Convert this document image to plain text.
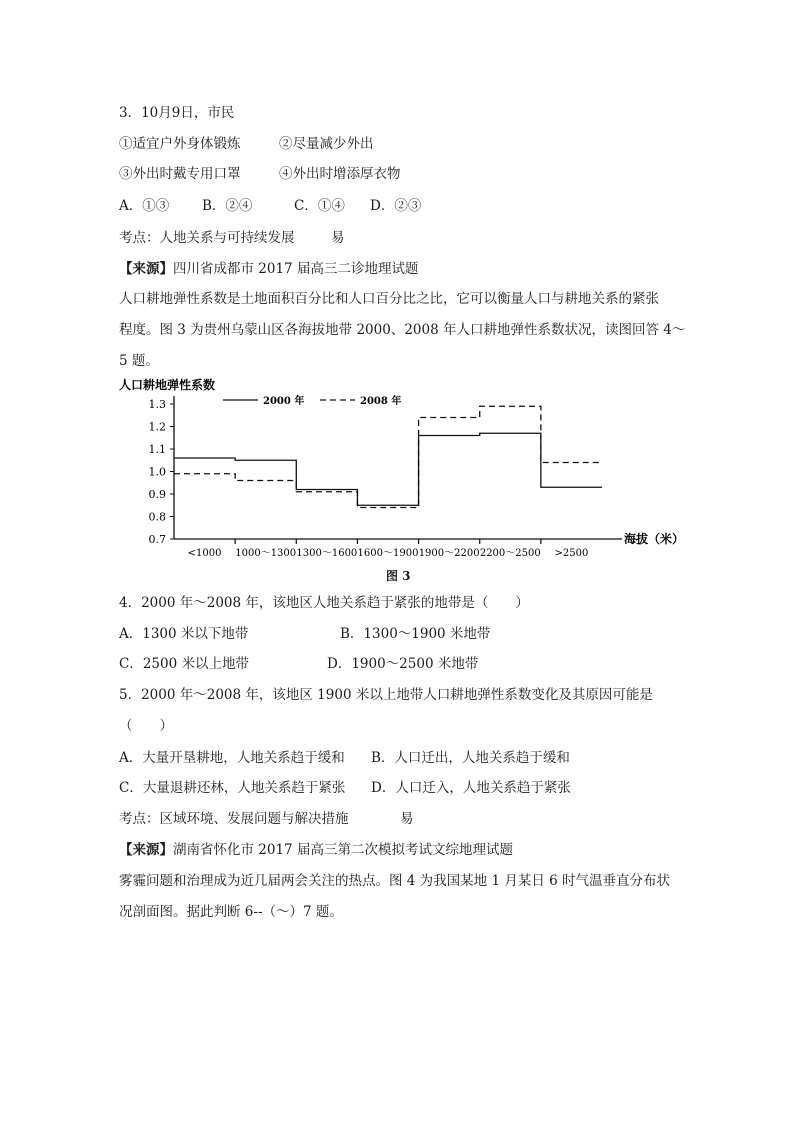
3．10月9日，市民
①适宜户外身体锻炼	②尽量减少外出
③外出时戴专用口罩	④外出时增添厚衣物
A．①③ B．②④	C．①④ D．②③
考点：人地关系与可持续发展	易
【来源】四川省成都市 2017 届高三二诊地理试题
人口耕地弹性系数是土地面积百分比和人口百分比之比，它可以衡量人口与耕地关系的紧张
程度。图 3 为贵州乌蒙山区各海拔地带 2000、2008 年人口耕地弹性系数状况，读图回答 4～
5 题。
人口耕地弹性系数
海拔（米）
0.7
0.8
0.9
1.0
1.1
1.2
1.3
<1000 1000～1300 1300～1600 1600～1900 1900～2200 2200～2500 >2500
2000 年	2008 年
图 3
4．2000 年～2008 年，该地区人地关系趋于紧张的地带是（　　）
A．1300 米以下地带	B．1300～1900 米地带
C．2500 米以上地带	D．1900～2500 米地带
5．2000 年～2008 年，该地区 1900 米以上地带人口耕地弹性系数变化及其原因可能是
（　　）
A．大量开垦耕地，人地关系趋于缓和 B．人口迁出，人地关系趋于缓和
C．大量退耕还林，人地关系趋于紧张 D．人口迁入，人地关系趋于紧张
考点：区域环境、发展问题与解决措施	易
【来源】湖南省怀化市 2017 届高三第二次模拟考试文综地理试题
雾霾问题和治理成为近几届两会关注的热点。图 4 为我国某地 1 月某日 6 时气温垂直分布状
况剖面图。据此判断 6--（～）7 题。
